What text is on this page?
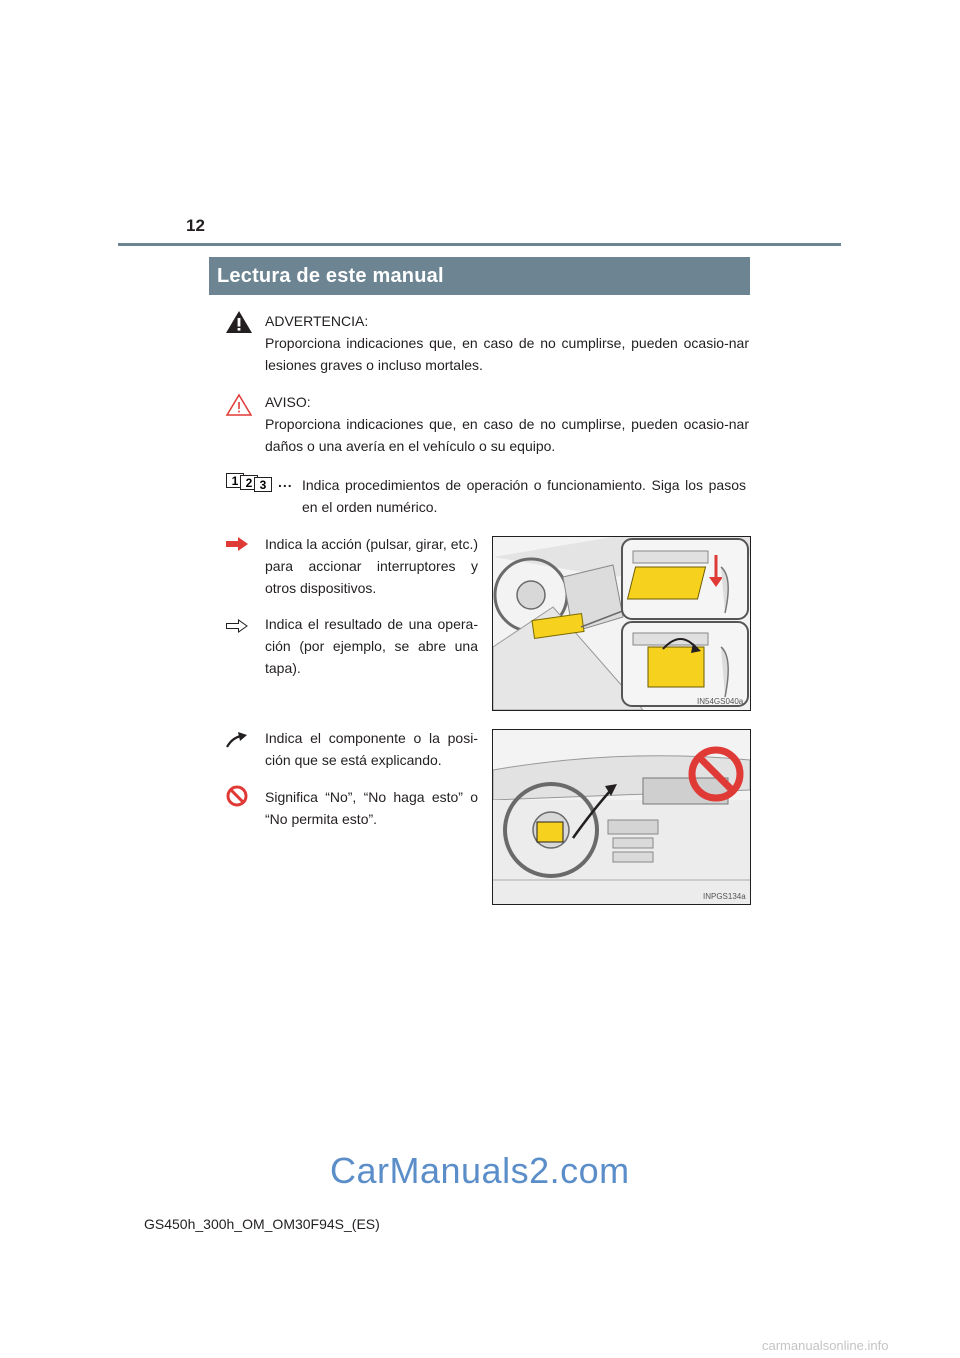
12
Lectura de este manual

ADVERTENCIA:

Proporciona indicaciones que, en caso de no cumplirse, pueden ocasio-nar lesiones graves o incluso mortales.

AVISO:

Proporciona indicaciones que, en caso de no cumplirse, pueden ocasio-nar daños o una avería en el vehículo o su equipo.

1 2 3 ... Indica procedimientos de operación o funcionamiento. Siga los pasos en el orden numérico.
Indica la acción (pulsar, girar, etc.) para accionar interruptores y otros dispositivos.
Indica el resultado de una opera-ción (por ejemplo, se abre una tapa).
IN54GS040a
Indica el componente o la posi-ción que se está explicando.
Significa “No”, “No haga esto” o “No permita esto”.
INPGS134a
CarManuals2.com
GS450h_300h_OM_OM30F94S_(ES)
carmanualsonline.info
